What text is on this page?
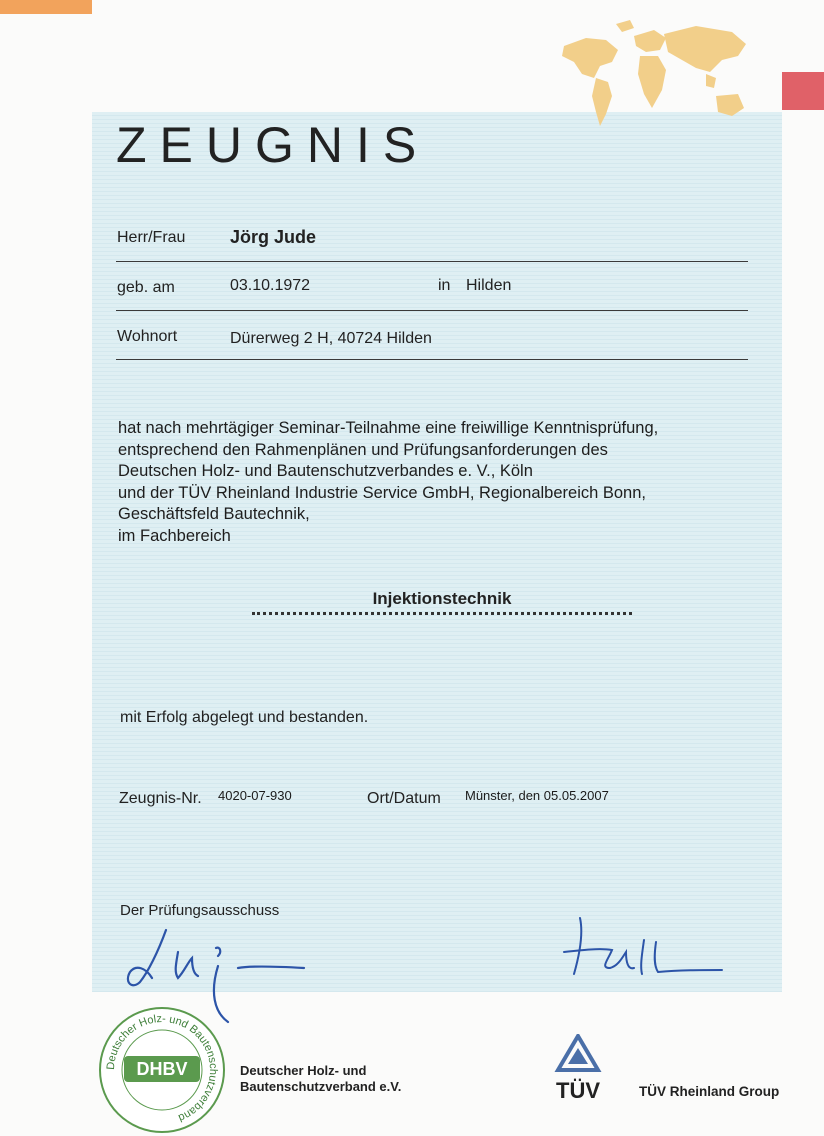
ZEUGNIS
Herr/Frau Jörg Jude
geb. am	03.10.1972	in Hilden
Wohnort	Dürerweg 2 H, 40724 Hilden
hat nach mehrtägiger Seminar-Teilnahme eine freiwillige Kenntnisprüfung,
entsprechend den Rahmenplänen und Prüfungsanforderungen des
Deutschen Holz- und Bautenschutzverbandes e. V., Köln
und der TÜV Rheinland Industrie Service GmbH, Regionalbereich Bonn,
Geschäftsfeld Bautechnik,
im Fachbereich
Injektionstechnik
mit Erfolg abgelegt und bestanden.
Zeugnis-Nr. 4020-07-930	Ort/Datum Münster, den 05.05.2007
Der Prüfungsausschuss
Deutscher Holz- und Bautenschutzverband
DHBV	Deutscher Holz- und
Bautenschutzverband e.V.	TÜV	TÜV Rheinland Group
